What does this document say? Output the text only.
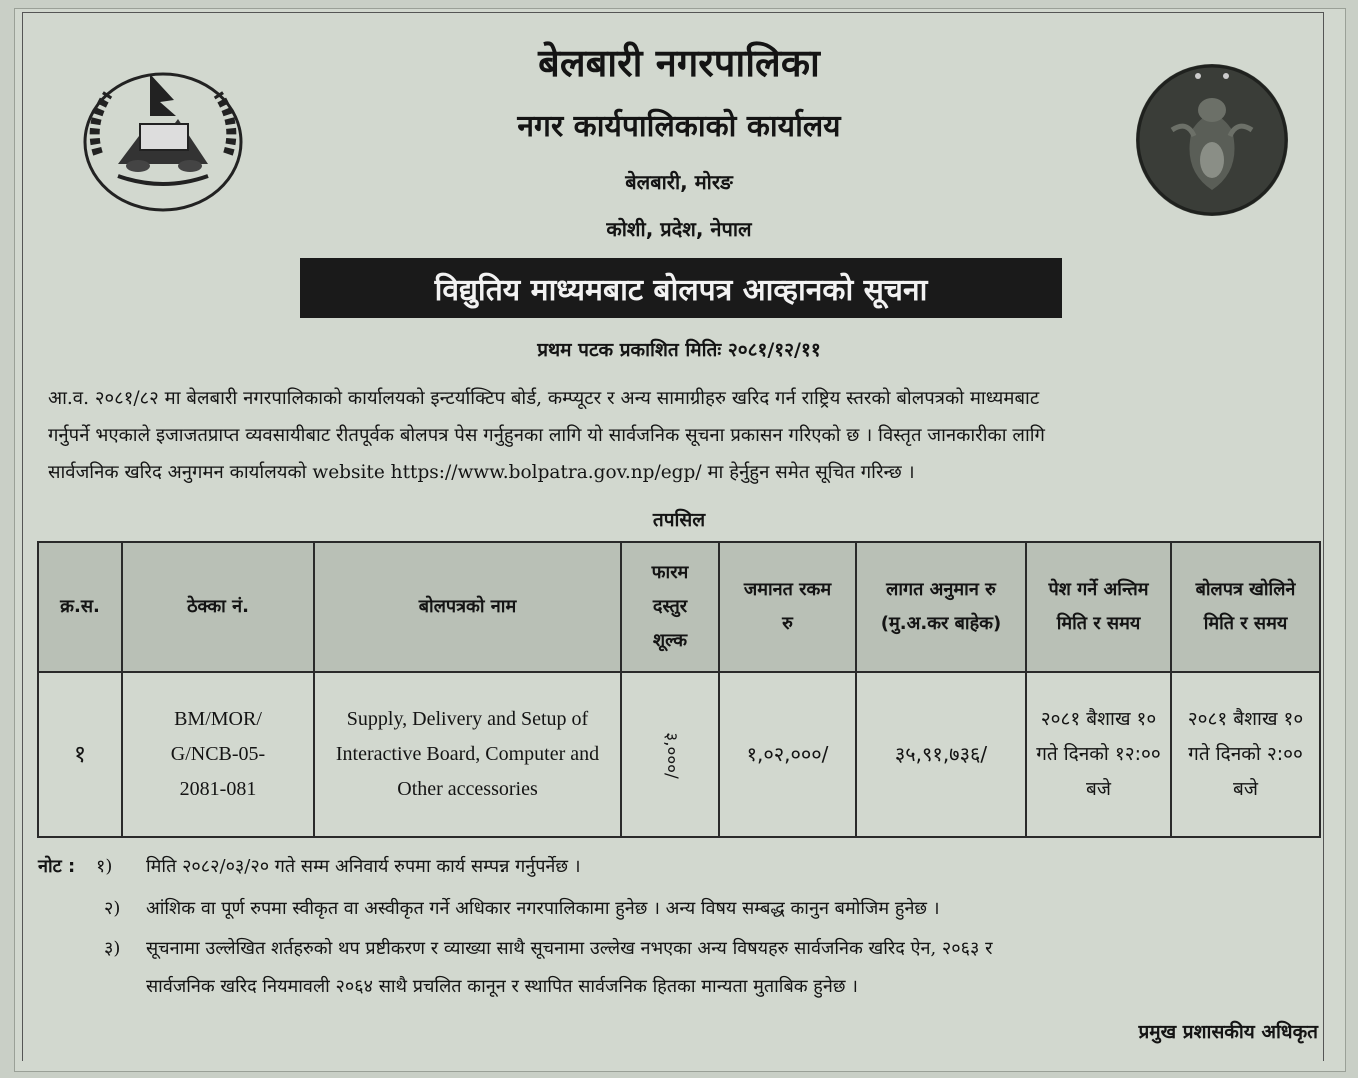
बेलबारी नगरपालिका
नगर कार्यपालिकाको कार्यालय
बेलबारी, मोरङ
कोशी, प्रदेश, नेपाल
विद्युतिय माध्यमबाट बोलपत्र आव्हानको सूचना
प्रथम पटक प्रकाशित मितिः २०८१/१२/११
आ.व. २०८१/८२ मा बेलबारी नगरपालिकाको कार्यालयको इन्टर्याक्टिप बोर्ड, कम्प्यूटर र अन्य सामाग्रीहरु खरिद गर्न राष्ट्रिय स्तरको बोलपत्रको माध्यमबाट
गर्नुपर्ने भएकाले इजाजतप्राप्त व्यवसायीबाट रीतपूर्वक बोलपत्र पेस गर्नुहुनका लागि यो सार्वजनिक सूचना प्रकासन गरिएको छ । विस्तृत जानकारीका लागि
सार्वजनिक खरिद अनुगमन कार्यालयको website https://www.bolpatra.gov.np/egp/ मा हेर्नुहुन समेत सूचित गरिन्छ ।
तपसिल
क्र.स.	ठेक्का नं.	बोलपत्रको नाम	फारम दस्तुर शूल्क	जमानत रकम रु	लागत अनुमान रु (मु.अ.कर बाहेक)	पेश गर्ने अन्तिम मिति र समय	बोलपत्र खोलिने मिति र समय
१	BM/MOR/ G/NCB-05- 2081-081	Supply, Delivery and Setup of Interactive Board, Computer and Other accessories	३,०००/	१,०२,०००/	३५,९१,७३६/	२०८१ बैशाख १० गते दिनको १२:०० बजे	२०८१ बैशाख १० गते दिनको २:०० बजे
नोट : १) मिति २०८२/०३/२० गते सम्म अनिवार्य रुपमा कार्य सम्पन्न गर्नुपर्नेछ ।
२) आंशिक वा पूर्ण रुपमा स्वीकृत वा अस्वीकृत गर्ने अधिकार नगरपालिकामा हुनेछ । अन्य विषय सम्बद्ध कानुन बमोजिम हुनेछ ।
३) सूचनामा उल्लेखित शर्तहरुको थप प्रष्टीकरण र व्याख्या साथै सूचनामा उल्लेख नभएका अन्य विषयहरु सार्वजनिक खरिद ऐन, २०६३ र
सार्वजनिक खरिद नियमावली २०६४ साथै प्रचलित कानून र स्थापित सार्वजनिक हितका मान्यता मुताबिक हुनेछ ।
प्रमुख प्रशासकीय अधिकृत
